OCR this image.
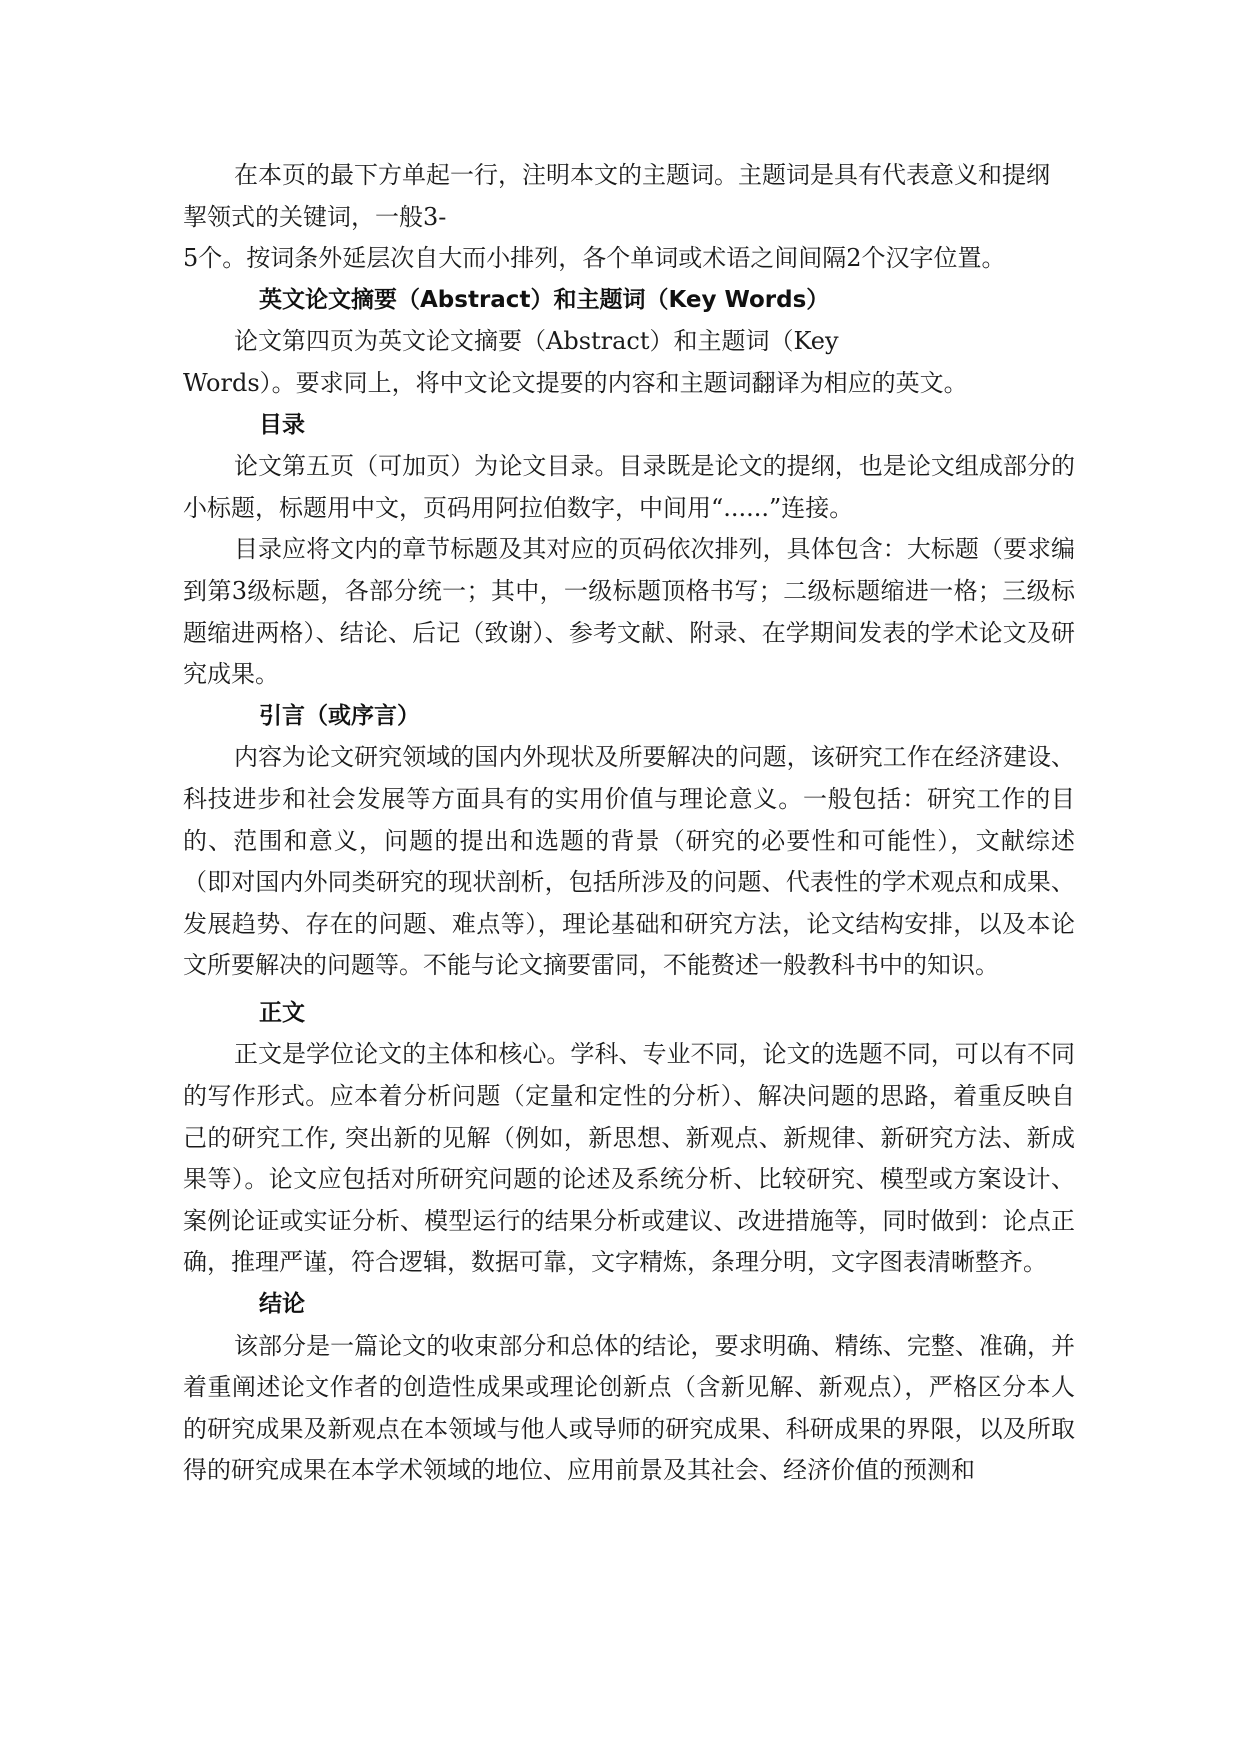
在本页的最下方单起一行，注明本文的主题词。主题词是具有代表意义和提纲
挈领式的关键词，一般3-
5个。按词条外延层次自大而小排列，各个单词或术语之间间隔2个汉字位置。

英文论文摘要（Abstract）和主题词（Key Words）

论文第四页为英文论文摘要（Abstract）和主题词（Key
Words）。要求同上，将中文论文提要的内容和主题词翻译为相应的英文。

目录

论文第五页（可加页）为论文目录。目录既是论文的提纲，也是论文组成部分的小标题，标题用中文，页码用阿拉伯数字，中间用“......”连接。

目录应将文内的章节标题及其对应的页码依次排列，具体包含：大标题（要求编到第3级标题，各部分统一；其中，一级标题顶格书写；二级标题缩进一格；三级标题缩进两格）、结论、后记（致谢）、参考文献、附录、在学期间发表的学术论文及研究成果。

引言（或序言）

内容为论文研究领域的国内外现状及所要解决的问题，该研究工作在经济建设、科技进步和社会发展等方面具有的实用价值与理论意义。一般包括：研究工作的目的、范围和意义，问题的提出和选题的背景（研究的必要性和可能性），文献综述（即对国内外同类研究的现状剖析，包括所涉及的问题、代表性的学术观点和成果、发展趋势、存在的问题、难点等），理论基础和研究方法，论文结构安排，以及本论文所要解决的问题等。不能与论文摘要雷同，不能赘述一般教科书中的知识。

正文

正文是学位论文的主体和核心。学科、专业不同，论文的选题不同，可以有不同的写作形式。应本着分析问题（定量和定性的分析）、解决问题的思路，着重反映自己的研究工作, 突出新的见解（例如，新思想、新观点、新规律、新研究方法、新成果等）。论文应包括对所研究问题的论述及系统分析、比较研究、模型或方案设计、案例论证或实证分析、模型运行的结果分析或建议、改进措施等，同时做到：论点正确，推理严谨，符合逻辑，数据可靠，文字精炼，条理分明，文字图表清晰整齐。

结论

该部分是一篇论文的收束部分和总体的结论，要求明确、精练、完整、准确，并着重阐述论文作者的创造性成果或理论创新点（含新见解、新观点），严格区分本人的研究成果及新观点在本领域与他人或导师的研究成果、科研成果的界限，以及所取得的研究成果在本学术领域的地位、应用前景及其社会、经济价值的预测和
